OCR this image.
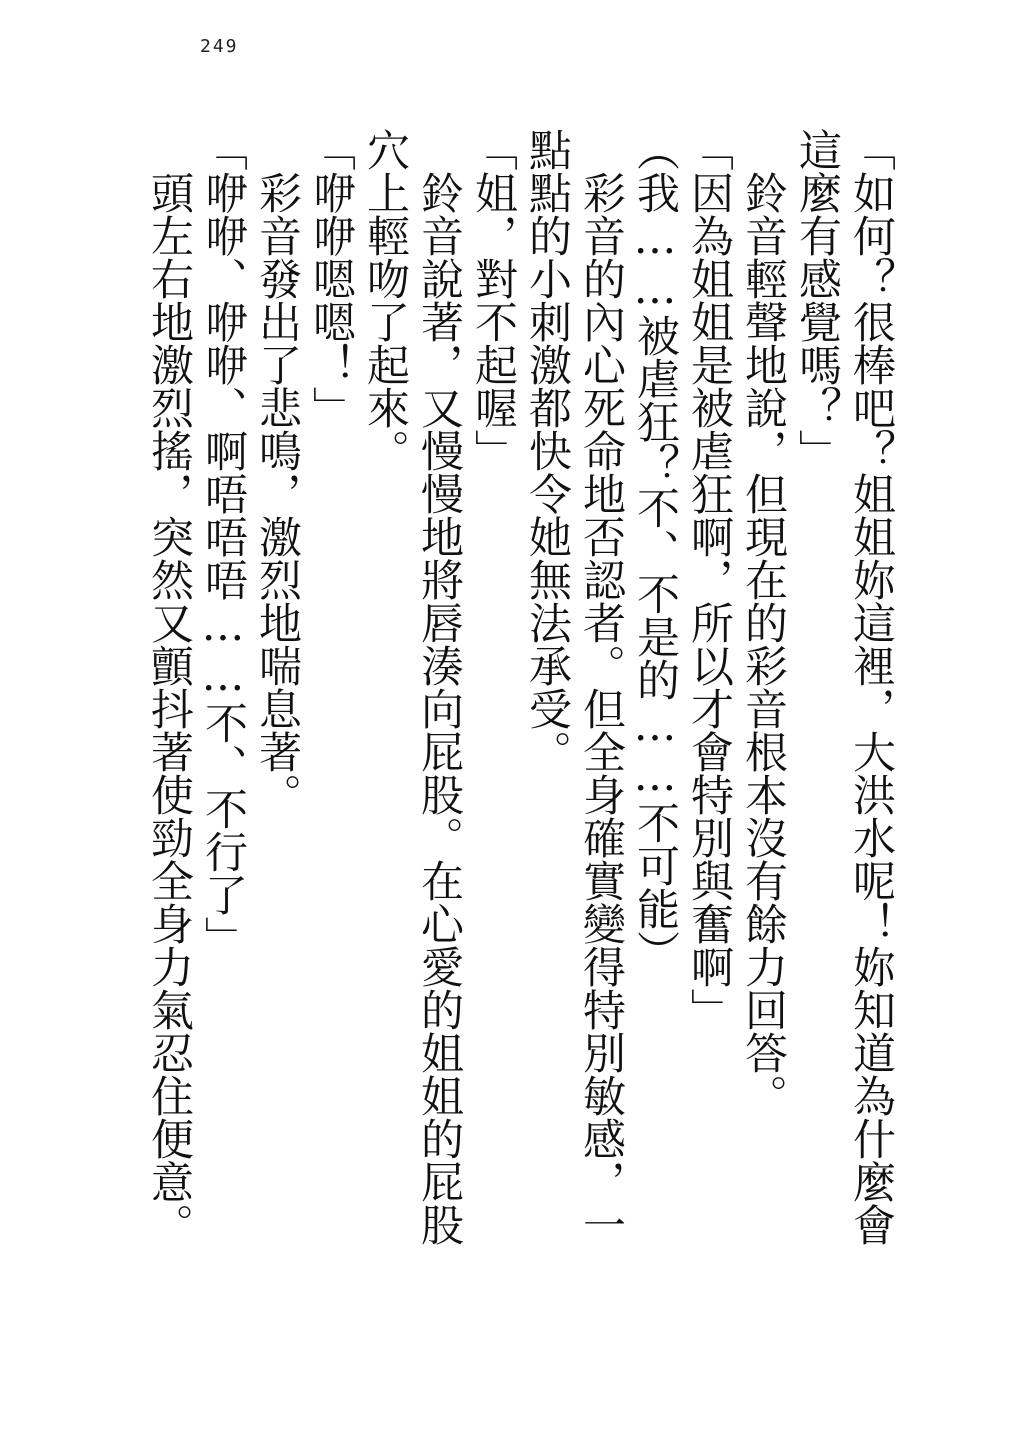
249

「如何？很棒吧？姐姐妳這裡，大洪水呢！妳知道為什麼會這麼有感覺嗎？」

鈴音輕聲地說，但現在的彩音根本沒有餘力回答。

「因為姐姐是被虐狂啊，所以才會特別與奮啊」

（我……被虐狂？不、不是的……不可能）

彩音的內心死命地否認者。但全身確實變得特別敏感，一點點的小刺激都快令她無法承受。

「姐，對不起喔」

鈴音說著，又慢慢地將唇湊向屁股。在心愛的姐姐的屁股穴上輕吻了起來。

「咿咿嗯嗯！」

彩音發出了悲鳴，激烈地喘息著。

「咿咿、咿咿、啊唔唔唔……不、不行了」

頭左右地激烈搖，突然又顫抖著使勁全身力氣忍住便意。
